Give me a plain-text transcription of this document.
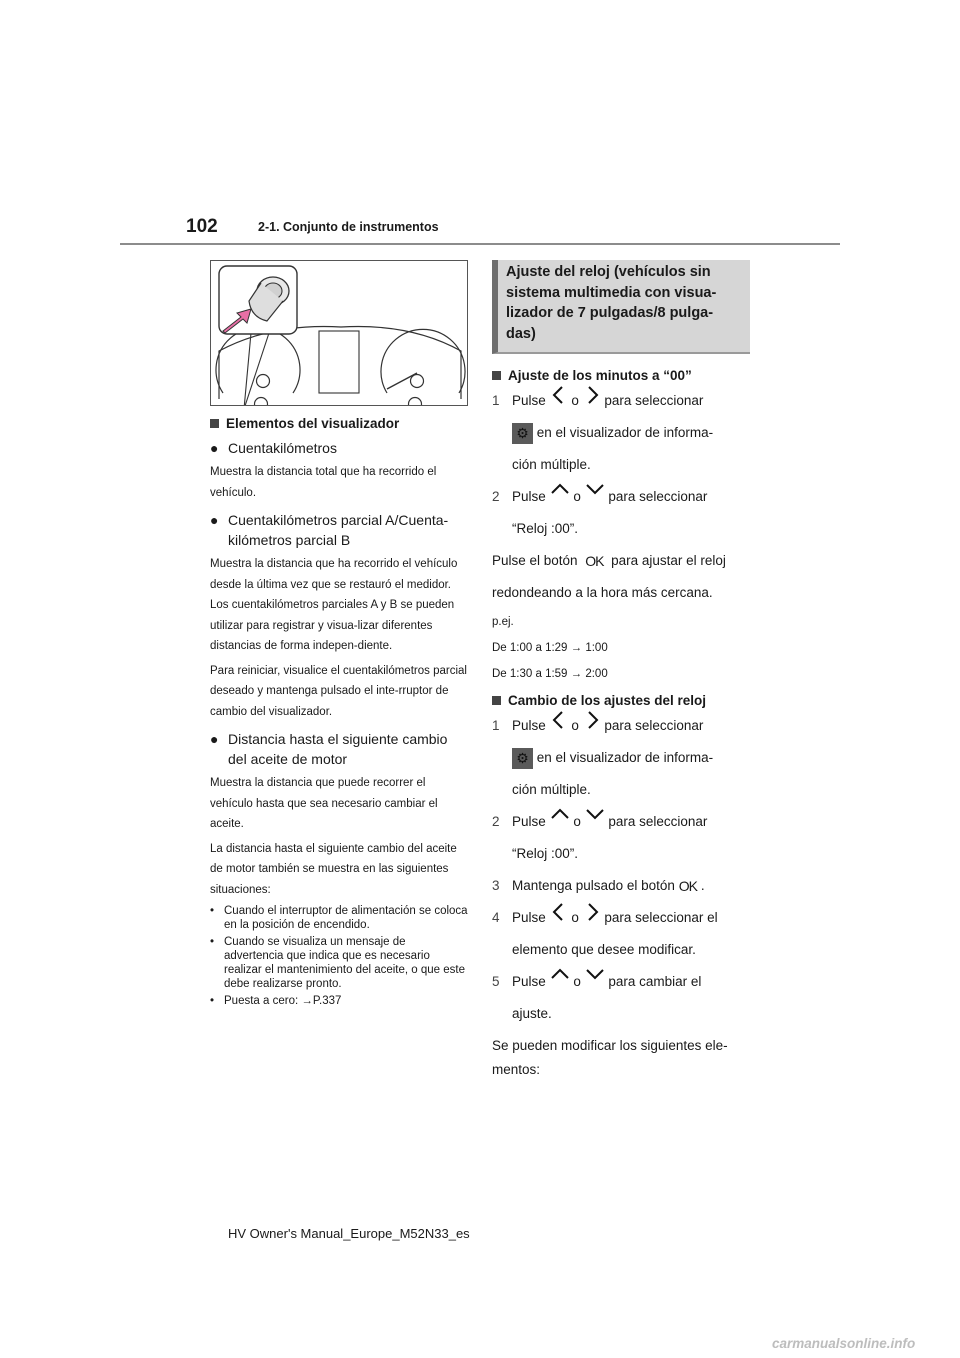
102	2-1. Conjunto de instrumentos
Elementos del visualizador
● Cuentakilómetros
Muestra la distancia total que ha recorrido el vehículo.
● Cuentakilómetros parcial A/Cuenta-kilómetros parcial B
Muestra la distancia que ha recorrido el vehículo desde la última vez que se restauró el medidor. Los cuentakilómetros parciales A y B se pueden utilizar para registrar y visua-lizar diferentes distancias de forma indepen-diente.
Para reiniciar, visualice el cuentakilómetros parcial deseado y mantenga pulsado el inte-rruptor de cambio del visualizador.
● Distancia hasta el siguiente cambio del aceite de motor
Muestra la distancia que puede recorrer el vehículo hasta que sea necesario cambiar el aceite.
La distancia hasta el siguiente cambio del aceite de motor también se muestra en las siguientes situaciones:
• Cuando el interruptor de alimentación se coloca en la posición de encendido.
• Cuando se visualiza un mensaje de advertencia que indica que es necesario realizar el mantenimiento del aceite, o que este debe realizarse pronto.
• Puesta a cero: →P.337
Ajuste del reloj (vehículos sin sistema multimedia con visua-lizador de 7 pulgadas/8 pulga-das)
Ajuste de los minutos a “00”
1 Pulse

o

para seleccionar
⚙ en el visualizador de informa-
ción múltiple.
2 Pulse

o

para seleccionar
“Reloj :00”.
Pulse el botón OK para ajustar el reloj
redondeando a la hora más cercana.
p.ej.
De 1:00 a 1:29 → 1:00
De 1:30 a 1:59 → 2:00
Cambio de los ajustes del reloj
1 Pulse

o

para seleccionar
⚙ en el visualizador de informa-
ción múltiple.
2 Pulse

o

para seleccionar
“Reloj :00”.
3 Mantenga pulsado el botón OK .
4 Pulse

o

para seleccionar el
elemento que desee modificar.
5 Pulse

o

para cambiar el
ajuste.
Se pueden modificar los siguientes ele-
mentos:
HV Owner's Manual_Europe_M52N33_es
carmanualsonline.info
